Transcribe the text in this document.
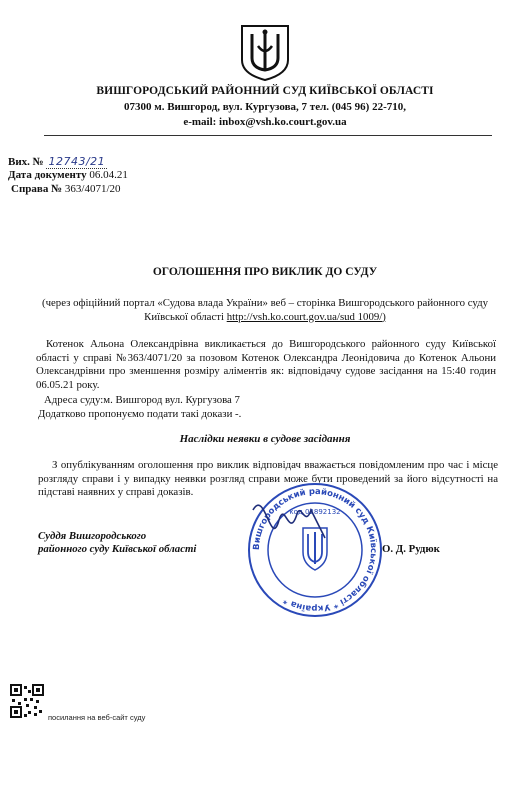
ВИШГОРОДСЬКИЙ РАЙОННИЙ СУД КИЇВСЬКОЇ ОБЛАСТІ
07300 м. Вишгород, вул. Кургузова, 7 тел. (045 96) 22-710,
e-mail: inbox@vsh.ko.court.gov.ua
Вих. № 12743/21
Дата документу 06.04.21
Справа № 363/4071/20
ОГОЛОШЕННЯ ПРО ВИКЛИК ДО СУДУ
(через офіційний портал «Судова влада України» веб – сторінка Вишгородського районного суду
Київської області http://vsh.ko.court.gov.ua/sud 1009/)
Котенок Альона Олександрівна викликається до Вишгородського районного суду Київської області у справі №363/4071/20 за позовом Котенок Олександра Леонідовича до Котенок Альони Олександрівни про зменшення розміру аліментів як: відповідачу судове засідання на 15:40 годин 06.05.21 року.
Адреса суду:м. Вишгород вул. Кургузова 7
Додатково пропонуємо подати такі докази -.
Наслідки неявки в судове засідання
З опублікуванням оголошення про виклик відповідач вважається повідомленим про час і місце розгляду справи і у випадку неявки розгляд справи може бути проведений за його відсутності на підставі наявних у справі доказів.
Вишгородський районний суд Київської області * Україна *
код 02892132
Суддя Вишгородського
районного суду Київської області	О. Д. Рудюк
посилання на веб-сайт суду
